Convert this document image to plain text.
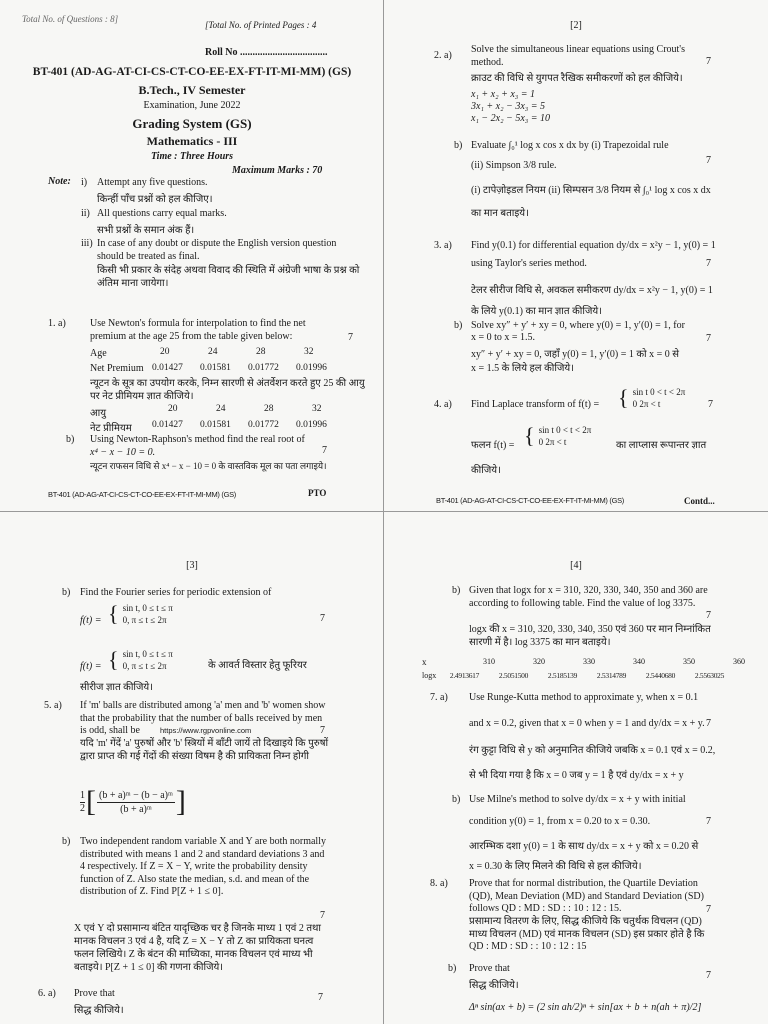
Total No. of Questions : 8]
[Total No. of Printed Pages : 4
Roll No ...................................
BT-401 (AD-AG-AT-CI-CS-CT-CO-EE-EX-FT-IT-MI-MM) (GS)
B.Tech., IV Semester
Examination, June 2022
Grading System (GS)
Mathematics - III
Time : Three Hours
Maximum Marks : 70
Note: i) Attempt any five questions.
किन्हीं पाँच प्रश्नों को हल कीजिए।
ii) All questions carry equal marks.
सभी प्रश्नों के समान अंक हैं।
iii) In case of any doubt or dispute the English version question should be treated as final.
किसी भी प्रकार के संदेह अथवा विवाद की स्थिति में अंग्रेजी भाषा के प्रश्न को अंतिम माना जायेगा।
1. a) Use Newton's formula for interpolation to find the net premium at the age 25 from the table given below:	7
Age	20	24	28	32
Net Premium 0.01427	0.01581	0.01772	0.01996
न्यूटन के सूत्र का उपयोग करके, निम्न सारणी से अंतर्वेशन करते हुए 25 की आयु पर नेट प्रीमियम ज्ञात कीजिये।
आयु	20	24	28	32
नेट प्रीमियम 0.01427	0.01581	0.01772	0.01996
b) Using Newton-Raphson's method find the real root of
x⁴ − x − 10 = 0.	7
न्यूटन राफसन विधि से x⁴ − x − 10 = 0 के वास्तविक मूल का पता लगाइये।
BT-401 (AD-AG-AT-CI-CS-CT-CO-EE-EX-FT-IT-MI-MM) (GS)	PTO
[2]
2. a)
Solve the simultaneous linear equations using Crout's method.	7
क्राउट की विधि से युगपत रैखिक समीकरणों को हल कीजिये।
x₁ + x₂ + x₃ = 1
3x₁ + x₂ − 3x₃ = 5
x₁ − 2x₂ − 5x₃ = 10
b) Evaluate ∫₀¹ log x cos x dx by (i) Trapezoidal rule
(ii) Simpson 3/8 rule.	7
(i) टापेज़ोइडल नियम (ii) सिम्पसन 3/8 नियम से ∫₀¹ log x cos x dx
का मान बताइये।
3. a) Find y(0.1) for differential equation dy/dx = x²y − 1, y(0) = 1
using Taylor's series method.	7
टेलर सीरीज विधि से, अवकल समीकरण dy/dx = x²y − 1, y(0) = 1
के लिये y(0.1) का मान ज्ञात कीजिये।
b) Solve xy″ + y′ + xy = 0, where y(0) = 1, y′(0) = 1, for
x = 0 to x = 1.5.	7
xy″ + y′ + xy = 0, जहाँ y(0) = 1, y′(0) = 1 को x = 0 से
x = 1.5 के लिये हल कीजिये।
4. a) Find Laplace transform of f(t) = { sin t 0 < t < 2π
0 2π < t	7
फलन f(t) = { sin t 0 < t < 2π
0 2π < t	का लाप्लास रूपान्तर ज्ञात
कीजिये।
BT-401 (AD-AG-AT-CI-CS-CT-CO-EE-EX-FT-IT-MI-MM) (GS)	Contd...
[3]
b) Find the Fourier series for periodic extension of
f(t) = { sin t, 0 ≤ t ≤ π
0, π ≤ t ≤ 2π	7
f(t) = { sin t, 0 ≤ t ≤ π
0, π ≤ t ≤ 2π	के आवर्त विस्तार हेतु फूरियर
सीरीज ज्ञात कीजिये।
5. a) If 'm' balls are distributed among 'a' men and 'b' women show that the probability that the number of balls received by men is odd, shall be	https://www.rgpvonline.com	7
यदि 'm' गेंदें 'a' पुरुषों और 'b' स्त्रियों में बाँटी जायें तो दिखाइये कि पुरुषों द्वारा प्राप्त की गई गेंदों की संख्या विषम है की प्रायिकता निम्न होगी
$\frac{1}{2}$ [ $\frac{\text{(b + a)ᵐ − (b − a)ᵐ}}{\text{(b + a)ᵐ}}$ ]
b) Two independent random variable X and Y are both normally distributed with means 1 and 2 and standard deviations 3 and 4 respectively. If Z = X − Y, write the probability density function of Z. Also state the median, s.d. and mean of the distribution of Z. Find P[Z + 1 ≤ 0].
7
X एवं Y दो प्रसामान्य बंटित यादृच्छिक चर है जिनके माध्य 1 एवं 2 तथा मानक विचलन 3 एवं 4 है, यदि Z = X − Y तो Z का प्रायिकता घनत्व फलन लिखिये। Z के बंटन की माध्यिका, मानक विचलन एवं माध्य भी बताइये। P[Z + 1 ≤ 0] की गणना कीजिये।
6. a) Prove that	7
सिद्ध कीजिये।
[4]
b) Given that logx for x = 310, 320, 330, 340, 350 and 360 are according to following table. Find the value of log 3375.
7
logx की x = 310, 320, 330, 340, 350 एवं 360 पर मान निम्नांकित सारणी में है। log 3375 का मान बताइये।
x	310	320	330	340	350	360
logx	2.4913617	2.5051500	2.5185139	2.5314789	2.5440680	2.5563025
7. a) Use Runge-Kutta method to approximate y, when x = 0.1
and x = 0.2, given that x = 0 when y = 1 and dy/dx = x + y. 7
रंग कुट्टा विधि से y को अनुमानित कीजिये जबकि x = 0.1 एवं x = 0.2,
से भी दिया गया है कि x = 0 जब y = 1 है एवं dy/dx = x + y
b) Use Milne's method to solve dy/dx = x + y with initial
condition y(0) = 1, from x = 0.20 to x = 0.30.	7
आरम्भिक दशा y(0) = 1 के साथ dy/dx = x + y को x = 0.20 से
x = 0.30 के लिए मिलने की विधि से हल कीजिये।
8. a) Prove that for normal distribution, the Quartile Deviation (QD), Mean Deviation (MD) and Standard Deviation (SD) follows QD : MD : SD : : 10 : 12 : 15.	7
प्रसामान्य वितरण के लिए, सिद्ध कीजिये कि चतुर्थक विचलन (QD) माध्य विचलन (MD) एवं मानक विचलन (SD) इस प्रकार होते है कि QD : MD : SD : : 10 : 12 : 15
b) Prove that
7
सिद्ध कीजिये।
Δⁿ sin(ax + b) = (2 sin ah/2)ⁿ + sin[ax + b + n(ah + π)/2]
